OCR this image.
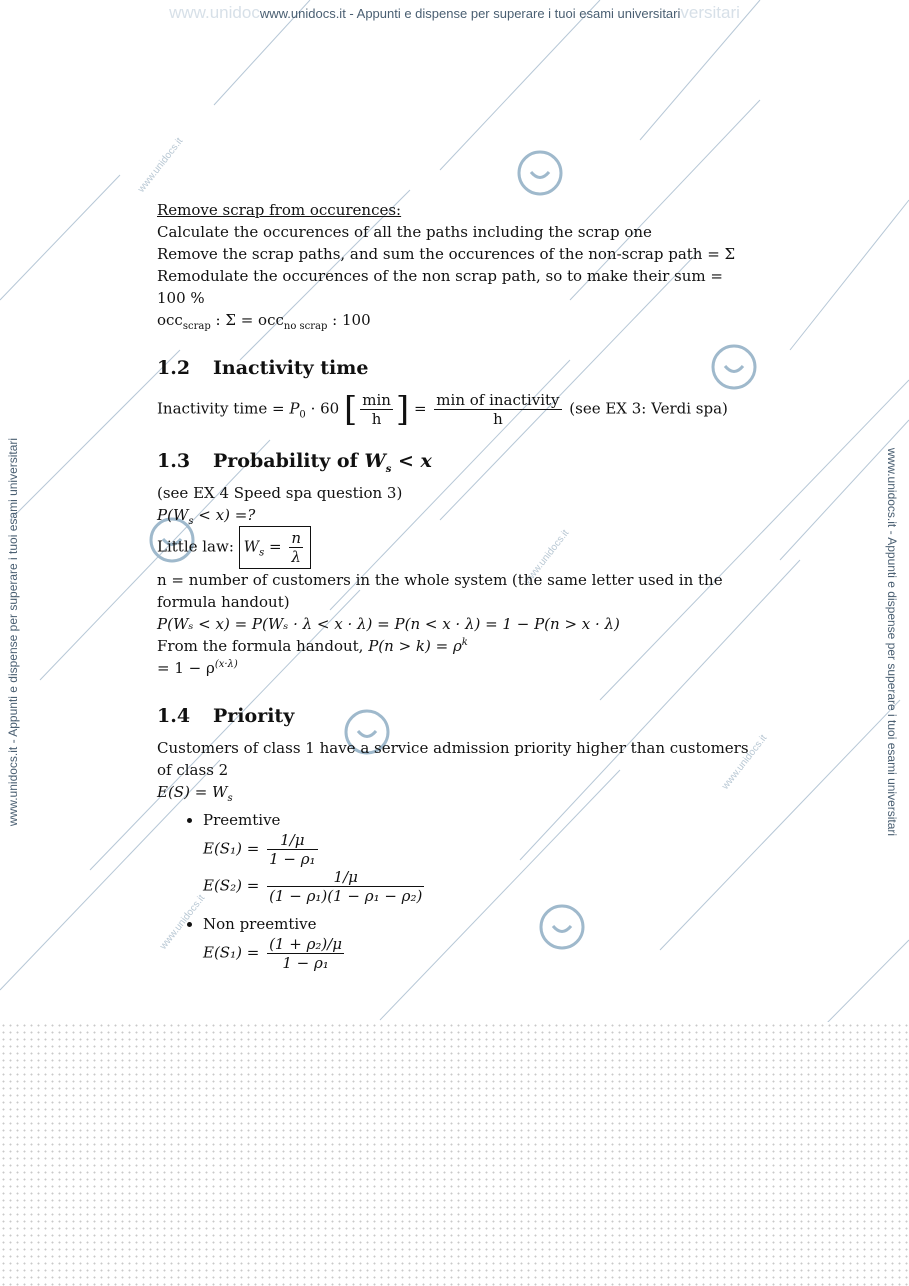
www.unidocwww.unidocs.it - Appunti e dispense per superare i tuoi esami universitariversitari
www.unidocs.it - Appunti e dispense per superare i tuoi esami universitari	www.unidocs.it - Appunti e dispense per superare i tuoi esami universitari
www.unidocs.it
www.unidocs.it
www.unidocs.it
www.unidocs.it

Remove scrap from occurences:

Calculate the occurences of all the paths including the scrap one

Remove the scrap paths, and sum the occurences of the non-scrap path = Σ

Remodulate the occurences of the non scrap path, so to make their sum =

100 %

occ$_{scrap}$ : Σ = occ$_{no scrap}$ : 100

1.2 Inactivity time

Inactivity time = $P_0 \cdot 60$ [ $\frac{\min}{h}$ ] = $\frac{\text{min of inactivity}}{h} (see$ EX 3: Verdi spa)

1.3 Probability of $W_s < x$

(see EX 4 Speed spa question 3)

$P(W_s < x)$ =?

Little law: $W_s = \frac{n}{\lambda}$

n = number of customers in the whole system (the same letter used in the

formula handout)

P(Wₛ < x) = P(Wₛ · λ < x · λ) = P(n < x · λ) = 1 − P(n > x · λ)

From the formula handout, $P(n > k) = \rho^k$

= $1 - \rho^{(x\cdot\lambda)}$

1.4 Priority

Customers of class 1 have a service admission priority higher than customers

of class 2

$E(S) = W_s$

• Preemtive
$E(S_1) = \frac{1/\mu}{\text{1 − ρ₁}}$
$E(S_2) = \frac{1/\mu}{\text{(1 − ρ₁)(1 − ρ₁ − ρ₂)}}$
• Non preemtive
$E(S_1) = \frac{\text{(1 + ρ₂)/μ}}{\text{1 − ρ₁}}$
